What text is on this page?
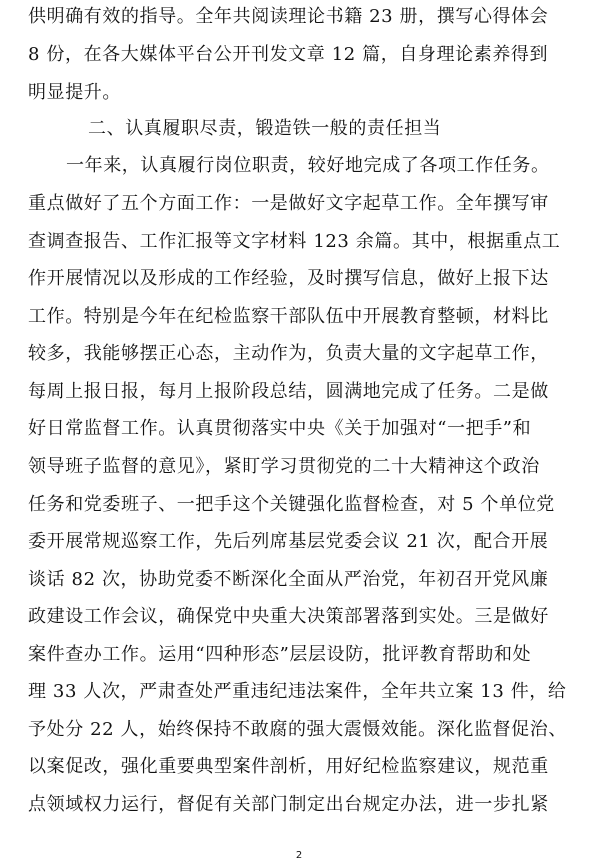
供明确有效的指导。全年共阅读理论书籍 23 册，撰写心得体会
8 份，在各大媒体平台公开刊发文章 12 篇，自身理论素养得到
明显提升。
二、认真履职尽责，锻造铁一般的责任担当
一年来，认真履行岗位职责，较好地完成了各项工作任务。
重点做好了五个方面工作：一是做好文字起草工作。全年撰写审
查调查报告、工作汇报等文字材料 123 余篇。其中，根据重点工
作开展情况以及形成的工作经验，及时撰写信息，做好上报下达
工作。特别是今年在纪检监察干部队伍中开展教育整顿，材料比
较多，我能够摆正心态，主动作为，负责大量的文字起草工作，
每周上报日报，每月上报阶段总结，圆满地完成了任务。二是做
好日常监督工作。认真贯彻落实中央《关于加强对“一把手”和
领导班子监督的意见》，紧盯学习贯彻党的二十大精神这个政治
任务和党委班子、一把手这个关键强化监督检查，对 5 个单位党
委开展常规巡察工作，先后列席基层党委会议 21 次，配合开展
谈话 82 次，协助党委不断深化全面从严治党，年初召开党风廉
政建设工作会议，确保党中央重大决策部署落到实处。三是做好
案件查办工作。运用“四种形态”层层设防，批评教育帮助和处
理 33 人次，严肃查处严重违纪违法案件，全年共立案 13 件，给
予处分 22 人，始终保持不敢腐的强大震慑效能。深化监督促治、
以案促改，强化重要典型案件剖析，用好纪检监察建议，规范重
点领域权力运行，督促有关部门制定出台规定办法，进一步扎紧
2
